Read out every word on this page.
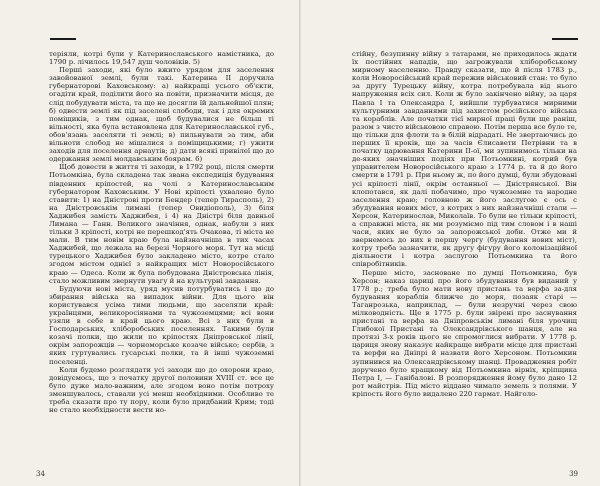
теріяли, котрі були у Катеринославського намістника, до 1790 р. лічилось 19,547 душ чоловіків. 5)

Перші заходи, які було вжито урядом для заселення завойованої землі, були такі. Катерина ІІ доручила губернаторові Каховському: а) найкращі усього об'єкти, огадіти край, поділити його на повіти, призначити місця, де слід побудувати міста, та що не досягли їй дальнейшої плян; б) одвести землі як під заселені слободи, так і для окремих поміщиків, з тим однак, щоб будувалися не більш ті вільностi, яка була встановлена для Катеринославської губ., обов'язань заселяти ті землі; в) пильнувати за тим, аби вільноти слобод не мішалися з поміщицькими; г) ужити заходів для поселення арнаутів; д) дати всякі привілеї що до одержання землі молдавським боярам. 6)

Щоб довести в життя ті заходи, в 1792 році, після смерти Потьомкіна, була складена так звана експедиція будування південних кріпостей, на чолі з Катеринославським губернатором Каховським. У Нові кріпості ухвалено було ставити: 1) на Дністрові проти Бендер (тепер Тирасполь), 2) на Дністровськім лимані (тепер Овидіополь), 3) біля Хаджибея замість Хаджибея, і 4) на Дністрі біля давньої Лимана — Ганн. Великого значіння, однак, набули з них тільки 3 кріпості, котрі не перешкод'ять Очакова, ті міста не мали. В тим новім краю була найзначніша в тих часах Хаджибей, що лежала на березі Чорного моря. Тут на місці турецького Хаджибея було закладено місто, котре стало згодом містом однієї з найкращих міст Новоросійського краю — Одеса. Коли ж була побудована Дністровська лінія, стало можливим звернути увагу й на культурні завдання.

Будуючи нові міста, уряд мусив потурбуватись і що до збирання війська на випадок війни. Для цього він користувався усіма тими людьми, що заселяли край: українцями, великоросіянами та чужоземцями; всі вони узяли в себе в край цього краю. Всі з них були в Господарських, хліборобських поселеннях. Такими були козачі полки, що жили по кріпостях Дніпровської лінії, окрім запорожців — чорноморське козаче військо; сербів, з яких гуртувались гусарські полки, та й інші чужоземні поселенці.

Коли будемо розглядати усі заходи що до охорони краю, довідуємось, що з початку другої половини XVIII ст. все це було дуже мало-важним, але згодом воно потім потроху зменшувалось, ставали усі менш необхідними. Особливо те треба сказати про ту пору, коли було придбаний Крим; тоді не стало необхідности вести но-

34

стійну, безупинну війну з татарами, не приходилось ждати їх постійних нападів, що загрожували хліборобському мирному населенню. Правду сказати, що й після 1783 р., коли Новоросійський край пережив військовий стан: то було за другу Турецьку війну, котра потребувала від нього напруження всіх сил. Коли ж було закінчено війну, за царя Павла І та Олександра І, вийшли турбуватися мирними культурними завданнями під захистом російського війська та кораблів. Але початки тієї мирної праці були ще раніш, разом з чисто військовою справою. Потім перша все було те, що тільки для флоти та в білій відрадаті. Не звертаючись до перших її кроків, ще за часів Єлисавети Петрівни та в початку царювання Катерини ІІ-ої, ми зупинимось тільки на де-яких значніших подіях при Потьомкині, котрий був управителем Новоросійського краю з 1774 р. та й до його смерти в 1791 р. При ньому ж, по його думці, були збудовані усі кріпості лінії, окрім останньої — Дністрянської. Він клопотався, як далі побачимо, про чужоземне та народне заселення краю; головною ж його заслугою є ось с збудування нових міст, з котрих з них найзначніші стали — Херсон, Катеринослав, Миколаїв. То були не тільки кріпості, а справжні міста, як ми розуміємо під тим словом і в наші часи, яких не було за запорожської доби. Отже ми й звернемось до них в першу чергу (будування нових міст), котру треба зазначити, як другу фігуру його колонізаційної діяльности і котра заслугою Потьомкина та його співробітників.

Перше місто, засноване по думці Потьомкина, був Херсон; наказ цариці про його збудування був виданий у 1778 р.; треба було мати нову пристань та верфа за-для будування кораблів ближче до моря, позаяк старі — Таганрозька, наприклад, — були незручні через свою мілководність. Ще в 1775 р. були звірені про заснування пристані та верфа на Дніпровськім лимані біля урочищ Глибокої Пристані та Олександрівського шанця, але на протязі 3-х років цього не спромоглися вибрати. У 1778 р. цариця знову наказує найкраще вибрати місце для пристані та верфи на Дніпрі й назвати його Херсоном. Потьомкин зупинився на Олександрівському шанці. Провадження робіт доручено було кращкому від Потьомкина вірніх, кріпщика Петра І, — Ганібалові. В розпорядження йому було дано 12 рот майстрів. Під місто віддано чимало земель з полями. У кріпость його було видалено 220 гармат. Найголо-

39
